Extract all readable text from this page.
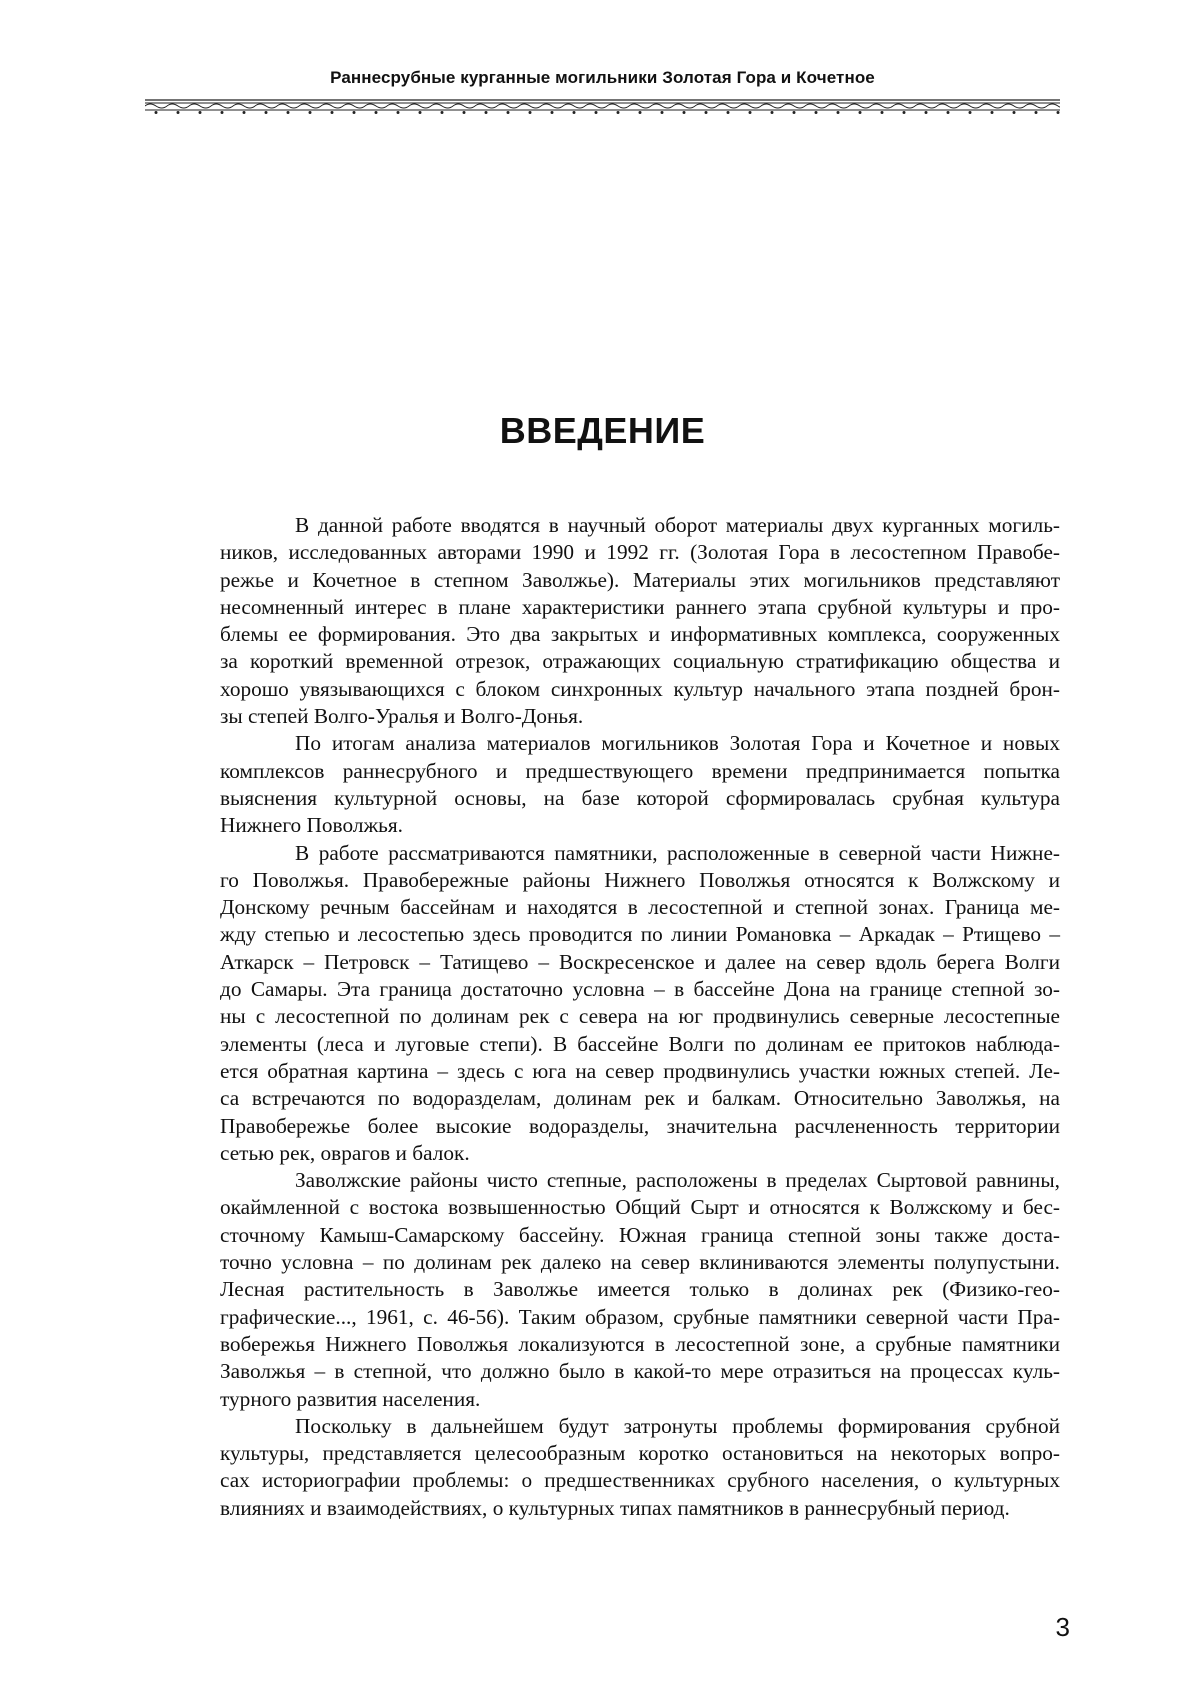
Раннесрубные курганные могильники Золотая Гора и Кочетное
ВВЕДЕНИЕ

В данной работе вводятся в научный оборот материалы двух курганных могиль-
ников, исследованных авторами 1990 и 1992 гг. (Золотая Гора в лесостепном Правобе-
режье и Кочетное в степном Заволжье). Материалы этих могильников представляют
несомненный интерес в плане характеристики раннего этапа срубной культуры и про-
блемы ее формирования. Это два закрытых и информативных комплекса, сооруженных
за короткий временной отрезок, отражающих социальную стратификацию общества и
хорошо увязывающихся с блоком синхронных культур начального этапа поздней брон-
зы степей Волго-Уралья и Волго-Донья.

По итогам анализа материалов могильников Золотая Гора и Кочетное и новых
комплексов раннесрубного и предшествующего времени предпринимается попытка
выяснения культурной основы, на базе которой сформировалась срубная культура
Нижнего Поволжья.

В работе рассматриваются памятники, расположенные в северной части Нижне-
го Поволжья. Правобережные районы Нижнего Поволжья относятся к Волжскому и
Донскому речным бассейнам и находятся в лесостепной и степной зонах. Граница ме-
жду степью и лесостепью здесь проводится по линии Романовка – Аркадак – Ртищево –
Аткарск – Петровск – Татищево – Воскресенское и далее на север вдоль берега Волги
до Самары. Эта граница достаточно условна – в бассейне Дона на границе степной зо-
ны с лесостепной по долинам рек с севера на юг продвинулись северные лесостепные
элементы (леса и луговые степи). В бассейне Волги по долинам ее притоков наблюда-
ется обратная картина – здесь с юга на север продвинулись участки южных степей. Ле-
са встречаются по водоразделам, долинам рек и балкам. Относительно Заволжья, на
Правобережье более высокие водоразделы, значительна расчлененность территории
сетью рек, оврагов и балок.

Заволжские районы чисто степные, расположены в пределах Сыртовой равнины,
окаймленной с востока возвышенностью Общий Сырт и относятся к Волжскому и бес-
сточному Камыш-Самарскому бассейну. Южная граница степной зоны также доста-
точно условна – по долинам рек далеко на север вклиниваются элементы полупустыни.
Лесная растительность в Заволжье имеется только в долинах рек (Физико-гео-
графические..., 1961, с. 46-56). Таким образом, срубные памятники северной части Пра-
вобережья Нижнего Поволжья локализуются в лесостепной зоне, а срубные памятники
Заволжья – в степной, что должно было в какой-то мере отразиться на процессах куль-
турного развития населения.

Поскольку в дальнейшем будут затронуты проблемы формирования срубной
культуры, представляется целесообразным коротко остановиться на некоторых вопро-
сах историографии проблемы: о предшественниках срубного населения, о культурных
влияниях и взаимодействиях, о культурных типах памятников в раннесрубный период.

3
